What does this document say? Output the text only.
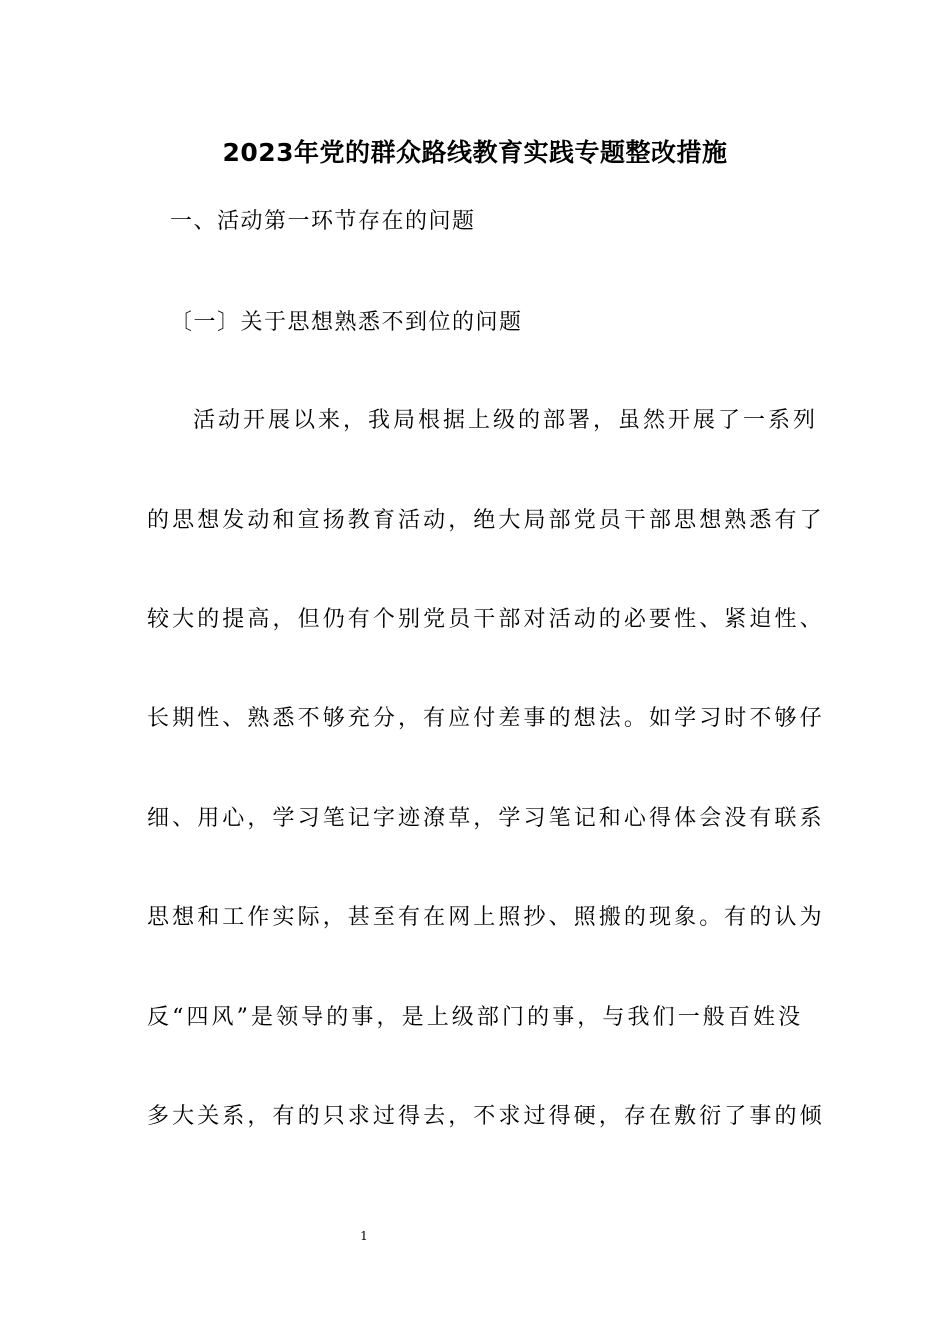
2023年党的群众路线教育实践专题整改措施
一、活动第一环节存在的问题
〔一〕关于思想熟悉不到位的问题
活动开展以来，我局根据上级的部署，虽然开展了一系列
的思想发动和宣扬教育活动，绝大局部党员干部思想熟悉有了
较大的提高，但仍有个别党员干部对活动的必要性、紧迫性、
长期性、熟悉不够充分，有应付差事的想法。如学习时不够仔
细、用心，学习笔记字迹潦草，学习笔记和心得体会没有联系
思想和工作实际，甚至有在网上照抄、照搬的现象。有的认为
反“四风”是领导的事，是上级部门的事，与我们一般百姓没
多大关系，有的只求过得去，不求过得硬，存在敷衍了事的倾
1
